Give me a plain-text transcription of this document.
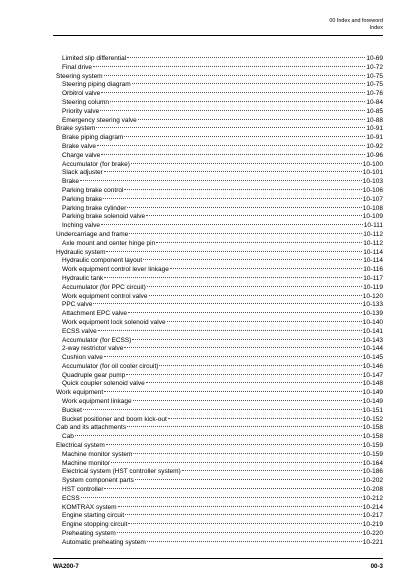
00 Index and foreword
Index
Limited slip differential	10-69
Final drive	10-72
Steering system	10-75
Steering piping diagram	10-75
Orbitrol valve	10-76
Steering column	10-84
Priority valve	10-85
Emergency steering valve	10-88
Brake system	10-91
Brake piping diagram	10-91
Brake valve	10-92
Charge valve	10-96
Accumulator (for brake)	10-100
Slack adjuster	10-101
Brake	10-103
Parking brake control	10-106
Parking brake	10-107
Parking brake cylinder	10-108
Parking brake solenoid valve	10-109
Inching valve	10-111
Undercarriage and frame	10-112
Axle mount and center hinge pin	10-112
Hydraulic system	10-114
Hydraulic component layout	10-114
Work equipment control lever linkage	10-116
Hydraulic tank	10-117
Accumulator (for PPC circuit)	10-119
Work equipment control valve	10-120
PPC valve	10-133
Attachment EPC valve	10-139
Work equipment lock solenoid valve	10-140
ECSS valve	10-141
Accumulator (for ECSS)	10-143
2-way restrictor valve	10-144
Cushion valve	10-145
Accumulator (for oil cooler circuit)	10-146
Quadruple gear pump	10-147
Quick coupler solenoid valve	10-148
Work equipment	10-149
Work equipment linkage	10-149
Bucket	10-151
Bucket positioner and boom kick-out	10-152
Cab and its attachments	10-158
Cab	10-158
Electrical system	10-159
Machine monitor system	10-159
Machine monitor	10-164
Electrical system (HST controller system)	10-186
System component parts	10-202
HST controller	10-208
ECSS	10-212
KOMTRAX system	10-214
Engine starting circuit	10-217
Engine stopping circuit	10-219
Preheating system	10-220
Automatic preheating system	10-221
WA200-7	00-3
